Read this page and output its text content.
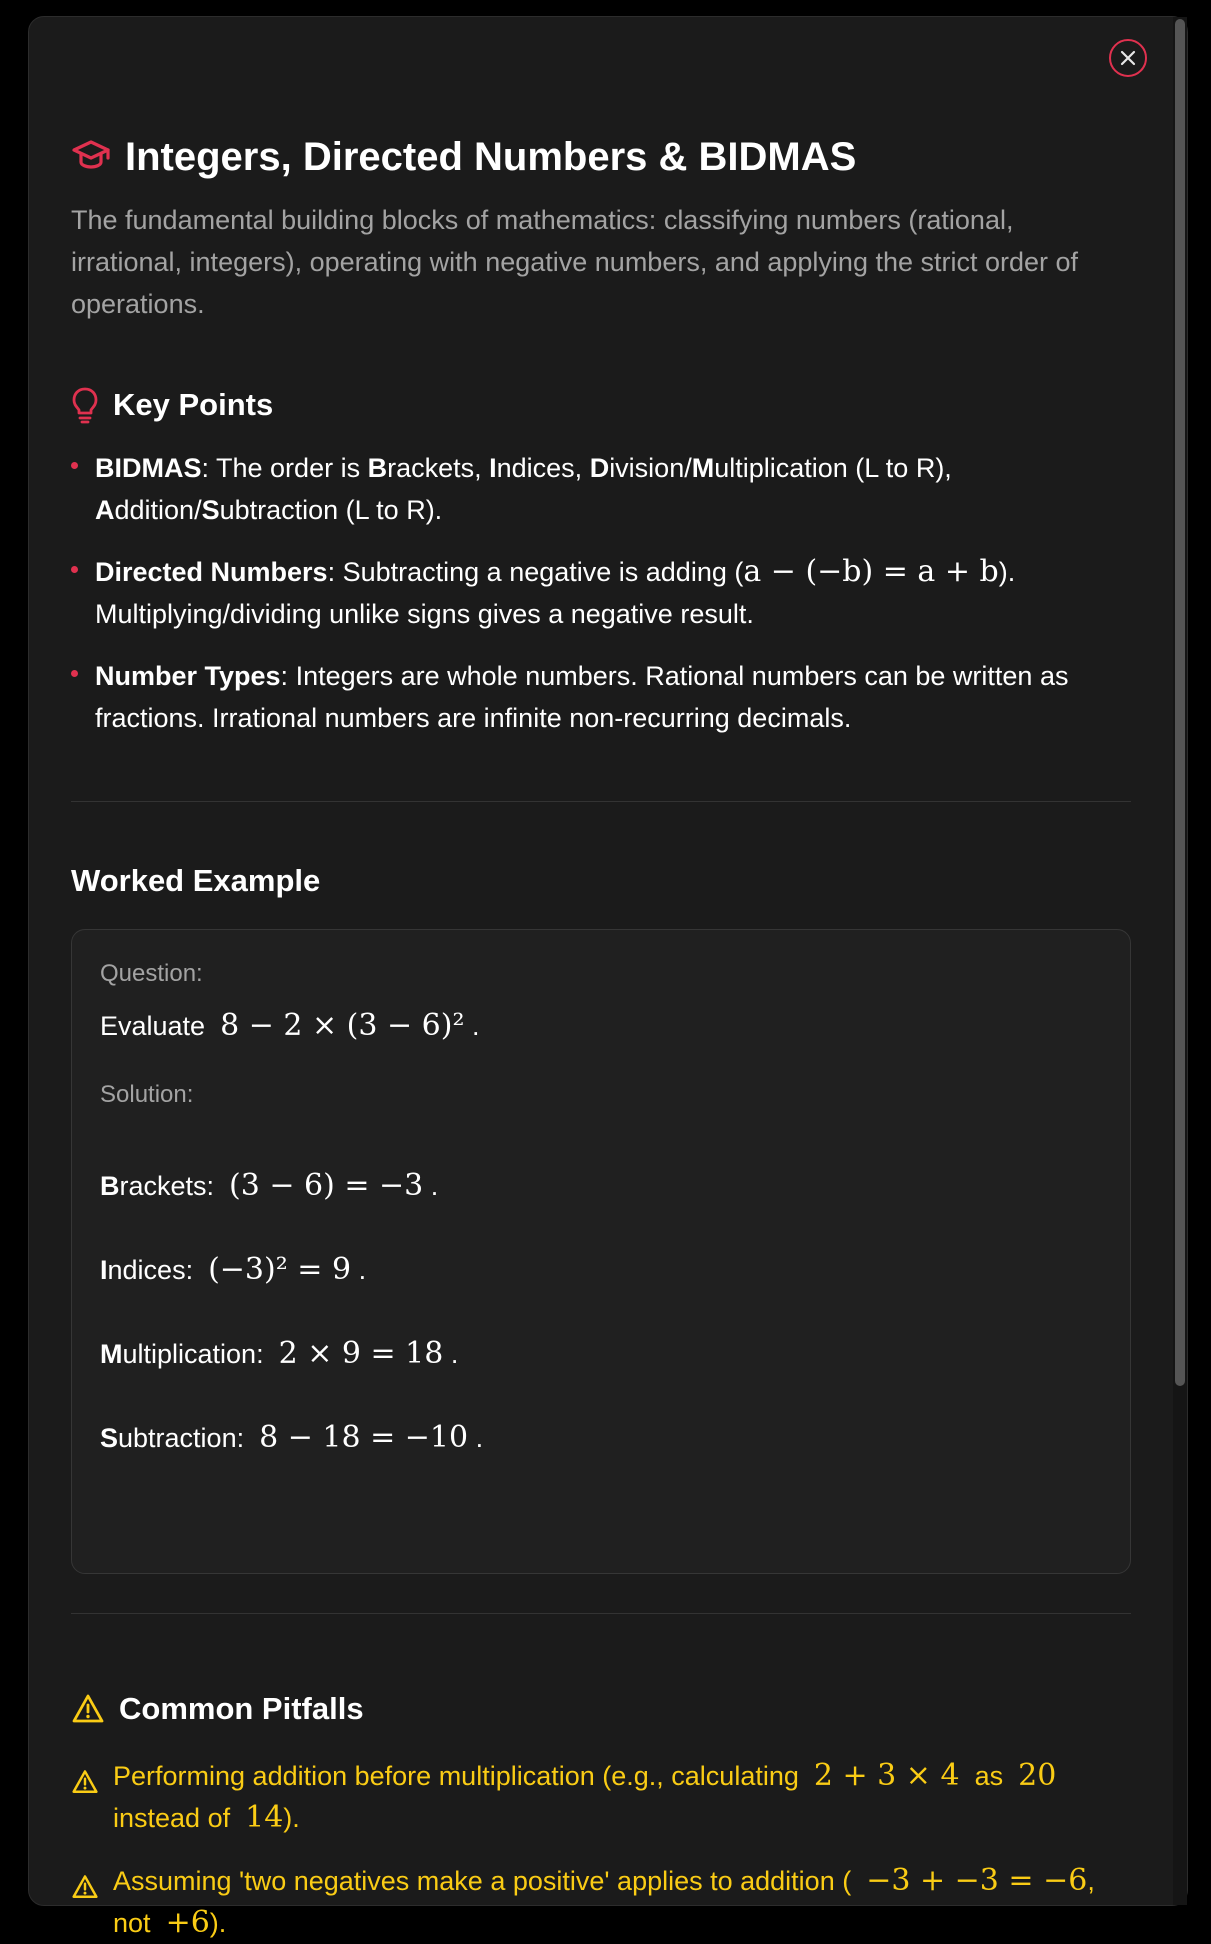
Integers, Directed Numbers & BIDMAS

The fundamental building blocks of mathematics: classifying numbers (rational, irrational, integers), operating with negative numbers, and applying the strict order of operations.

Key Points
BIDMAS: The order is Brackets, Indices, Division/Multiplication (L to R), Addition/Subtraction (L to R).
Directed Numbers: Subtracting a negative is adding (a − (−b) = a + b). Multiplying/dividing unlike signs gives a negative result.
Number Types: Integers are whole numbers. Rational numbers can be written as fractions. Irrational numbers are infinite non-recurring decimals.
Worked Example
Question:
Evaluate 8 − 2 × (3 − 6)² .
Solution:
Brackets: (3 − 6) = −3 .
Indices: (−3)² = 9 .
Multiplication: 2 × 9 = 18 .
Subtraction: 8 − 18 = −10 .
Common Pitfalls
Performing addition before multiplication (e.g., calculating 2 + 3 × 4 as 20 instead of 14).
Assuming 'two negatives make a positive' applies to addition ( −3 + −3 = −6, not +6).
